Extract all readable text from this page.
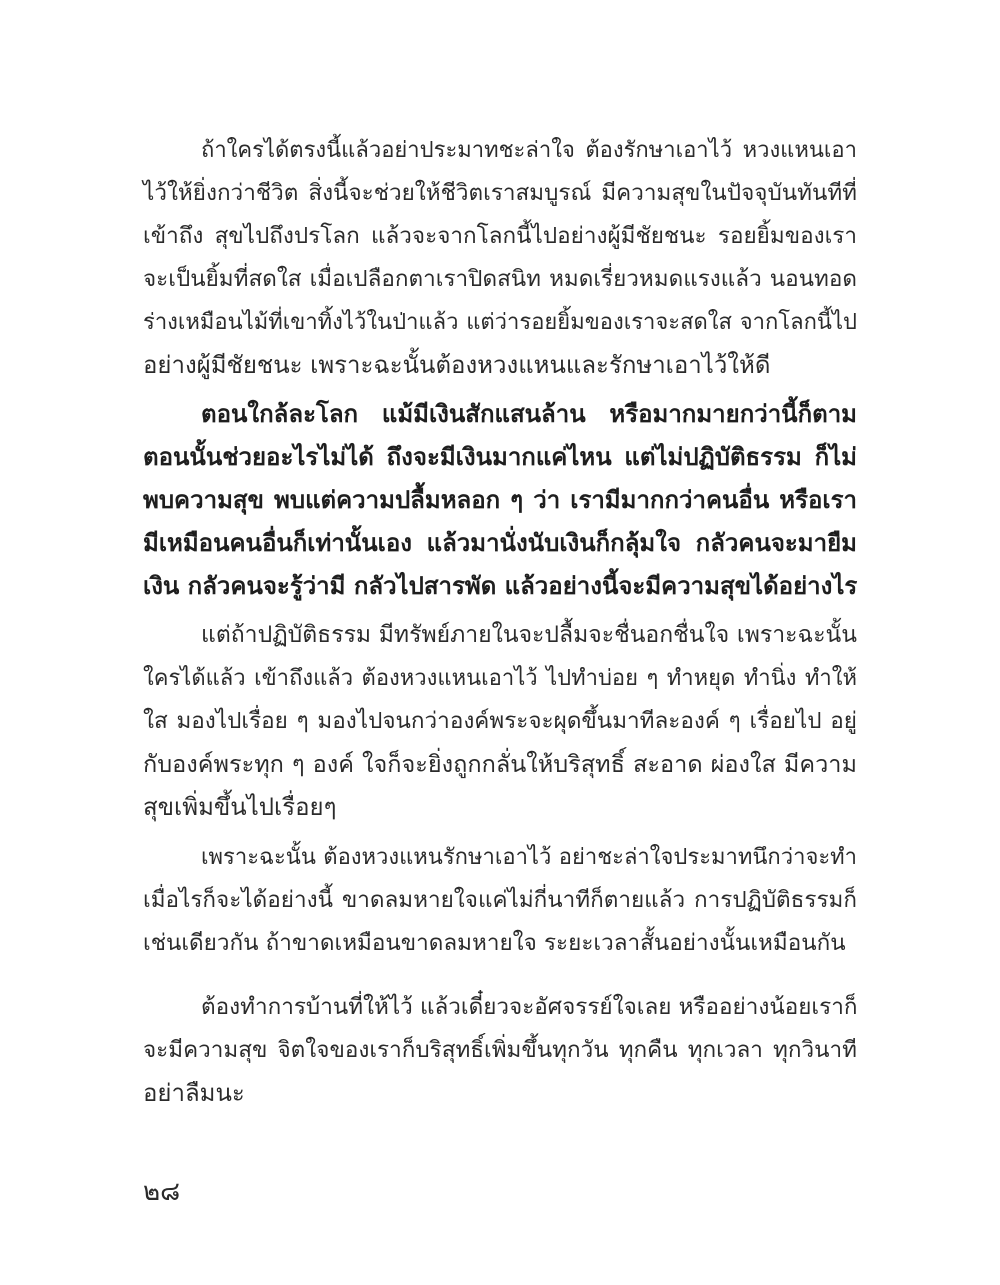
ถ้าใครได้ตรงนี้แล้วอย่าประมาทชะล่าใจ ต้องรักษาเอาไว้ หวงแหนเอา
ไว้ให้ยิ่งกว่าชีวิต สิ่งนี้จะช่วยให้ชีวิตเราสมบูรณ์ มีความสุขในปัจจุบันทันทีที่
เข้าถึง สุขไปถึงปรโลก แล้วจะจากโลกนี้ไปอย่างผู้มีชัยชนะ รอยยิ้มของเรา
จะเป็นยิ้มที่สดใส เมื่อเปลือกตาเราปิดสนิท หมดเรี่ยวหมดแรงแล้ว นอนทอด
ร่างเหมือนไม้ที่เขาทิ้งไว้ในป่าแล้ว แต่ว่ารอยยิ้มของเราจะสดใส จากโลกนี้ไป
อย่างผู้มีชัยชนะ เพราะฉะนั้นต้องหวงแหนและรักษาเอาไว้ให้ดี
ตอนใกล้ละโลก แม้มีเงินสักแสนล้าน หรือมากมายกว่านี้ก็ตาม
ตอนนั้นช่วยอะไรไม่ได้ ถึงจะมีเงินมากแค่ไหน แต่ไม่ปฏิบัติธรรม ก็ไม่
พบความสุข พบแต่ความปลื้มหลอก ๆ ว่า เรามีมากกว่าคนอื่น หรือเรา
มีเหมือนคนอื่นก็เท่านั้นเอง แล้วมานั่งนับเงินก็กลุ้มใจ กลัวคนจะมายืม
เงิน กลัวคนจะรู้ว่ามี กลัวไปสารพัด แล้วอย่างนี้จะมีความสุขได้อย่างไร
แต่ถ้าปฏิบัติธรรม มีทรัพย์ภายในจะปลื้มจะชื่นอกชื่นใจ เพราะฉะนั้น
ใครได้แล้ว เข้าถึงแล้ว ต้องหวงแหนเอาไว้ ไปทำบ่อย ๆ ทำหยุด ทำนิ่ง ทำให้
ใส มองไปเรื่อย ๆ มองไปจนกว่าองค์พระจะผุดขึ้นมาทีละองค์ ๆ เรื่อยไป อยู่
กับองค์พระทุก ๆ องค์ ใจก็จะยิ่งถูกกลั่นให้บริสุทธิ์ สะอาด ผ่องใส มีความ
สุขเพิ่มขึ้นไปเรื่อยๆ
เพราะฉะนั้น ต้องหวงแหนรักษาเอาไว้ อย่าชะล่าใจประมาทนึกว่าจะทำ
เมื่อไรก็จะได้อย่างนี้ ขาดลมหายใจแค่ไม่กี่นาทีก็ตายแล้ว การปฏิบัติธรรมก็
เช่นเดียวกัน ถ้าขาดเหมือนขาดลมหายใจ ระยะเวลาสั้นอย่างนั้นเหมือนกัน
ต้องทำการบ้านที่ให้ไว้ แล้วเดี๋ยวจะอัศจรรย์ใจเลย หรืออย่างน้อยเราก็
จะมีความสุข จิตใจของเราก็บริสุทธิ์เพิ่มขึ้นทุกวัน ทุกคืน ทุกเวลา ทุกวินาที
อย่าลืมนะ
๒๘
